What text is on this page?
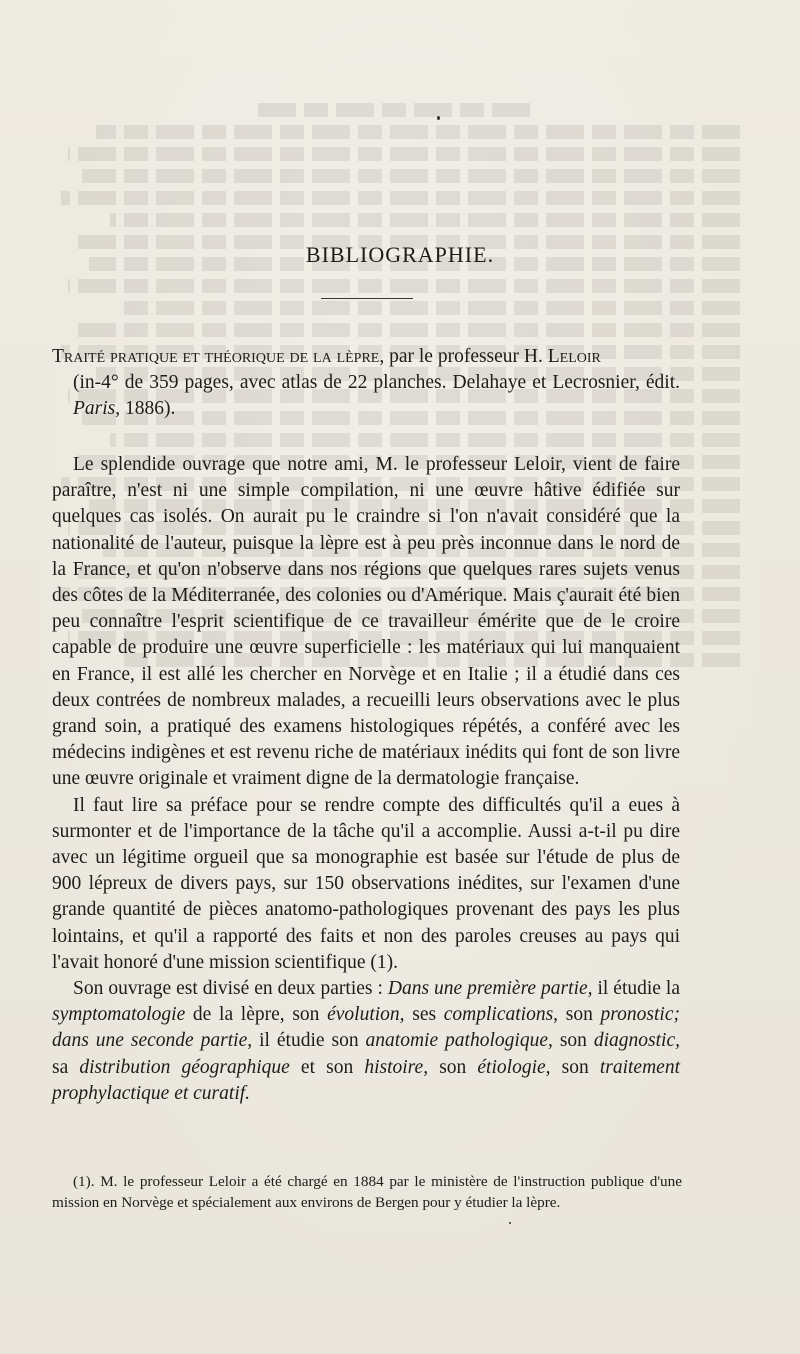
BIBLIOGRAPHIE.
Traité pratique et théorique de la lèpre, par le professeur H. Leloir
(in-4° de 359 pages, avec atlas de 22 planches. Delahaye et Lecrosnier, édit. Paris, 1886).

Le splendide ouvrage que notre ami, M. le professeur Leloir, vient de faire paraître, n'est ni une simple compilation, ni une œuvre hâtive édifiée sur quelques cas isolés. On aurait pu le craindre si l'on n'avait considéré que la nationalité de l'auteur, puisque la lèpre est à peu près inconnue dans le nord de la France, et qu'on n'observe dans nos régions que quelques rares sujets venus des côtes de la Méditerranée, des colonies ou d'Amérique. Mais ç'aurait été bien peu connaître l'esprit scientifique de ce travailleur émérite que de le croire capable de produire une œuvre superficielle : les matériaux qui lui manquaient en France, il est allé les chercher en Norvège et en Italie ; il a étudié dans ces deux contrées de nombreux malades, a recueilli leurs observations avec le plus grand soin, a pratiqué des examens histologiques répétés, a conféré avec les médecins indigènes et est revenu riche de matériaux inédits qui font de son livre une œuvre originale et vraiment digne de la dermatologie française.

Il faut lire sa préface pour se rendre compte des difficultés qu'il a eues à surmonter et de l'importance de la tâche qu'il a accomplie. Aussi a-t-il pu dire avec un légitime orgueil que sa monographie est basée sur l'étude de plus de 900 lépreux de divers pays, sur 150 observations inédites, sur l'examen d'une grande quantité de pièces anatomo-pathologiques provenant des pays les plus lointains, et qu'il a rapporté des faits et non des paroles creuses au pays qui l'avait honoré d'une mission scientifique (1).

Son ouvrage est divisé en deux parties : Dans une première partie, il étudie la symptomatologie de la lèpre, son évolution, ses complications, son pronostic; dans une seconde partie, il étudie son anatomie pathologique, son diagnostic, sa distribution géographique et son histoire, son étiologie, son traitement prophylactique et curatif.

(1). M. le professeur Leloir a été chargé en 1884 par le ministère de l'instruction publique d'une mission en Norvège et spécialement aux environs de Bergen pour y étudier la lèpre.
